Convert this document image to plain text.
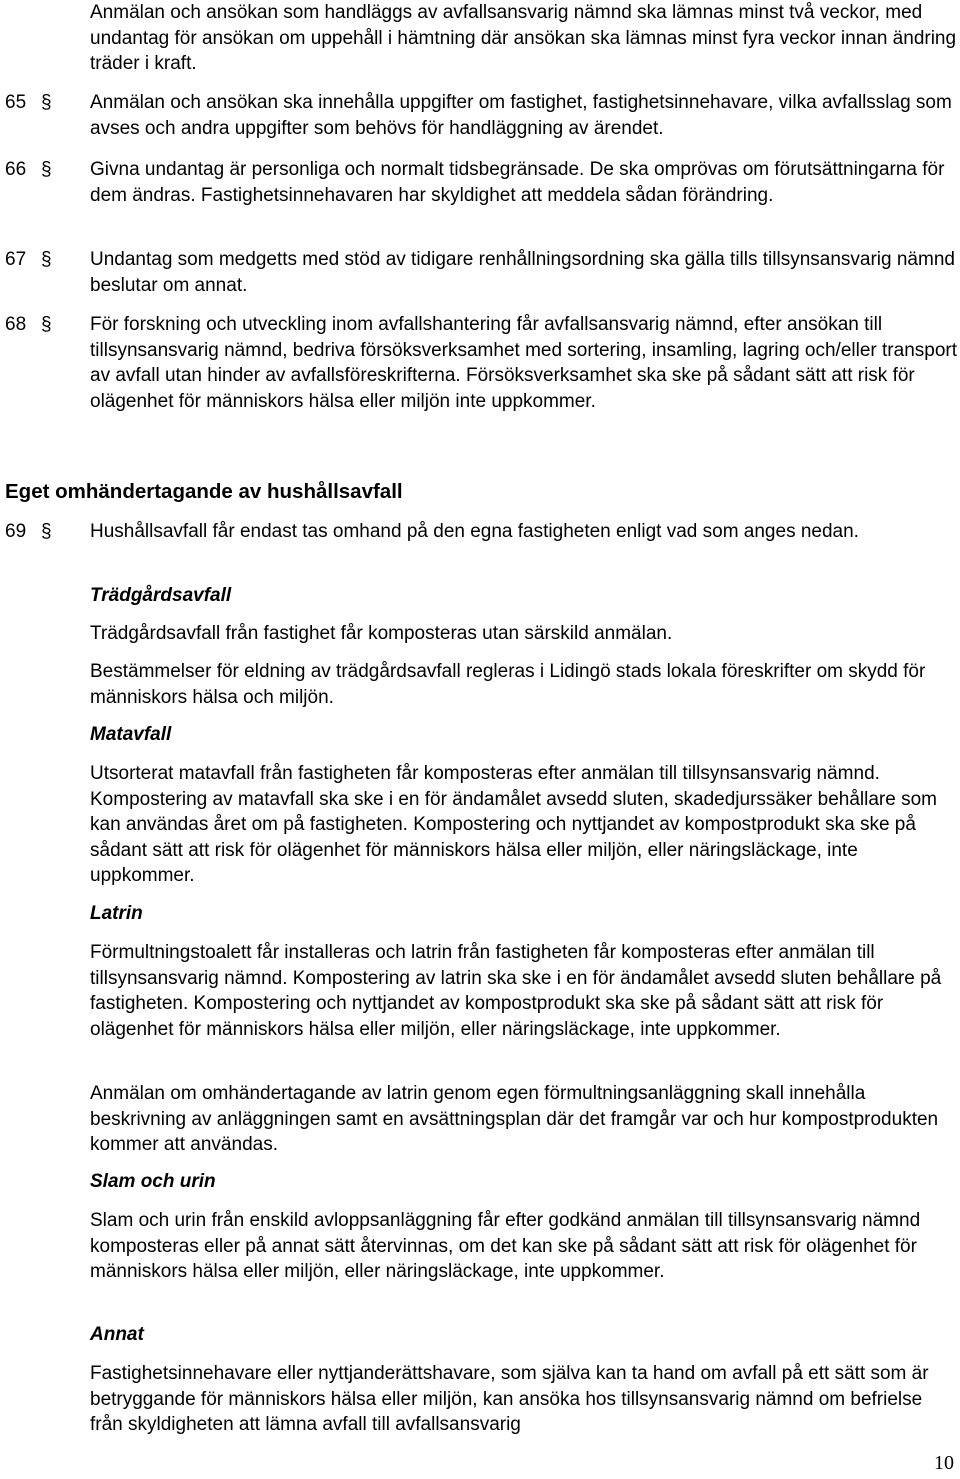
Anmälan och ansökan som handläggs av avfallsansvarig nämnd ska lämnas minst två veckor, med undantag för ansökan om uppehåll i hämtning där ansökan ska lämnas minst fyra veckor innan ändring träder i kraft.

65 §	Anmälan och ansökan ska innehålla uppgifter om fastighet, fastighetsinnehavare, vilka avfallsslag som avses och andra uppgifter som behövs för handläggning av ärendet.

66 §	Givna undantag är personliga och normalt tidsbegränsade. De ska omprövas om förutsättningarna för dem ändras. Fastighetsinnehavaren har skyldighet att meddela sådan förändring.

67 §	Undantag som medgetts med stöd av tidigare renhållningsordning ska gälla tills tillsynsansvarig nämnd beslutar om annat.

68 §	För forskning och utveckling inom avfallshantering får avfallsansvarig nämnd, efter ansökan till tillsynsansvarig nämnd, bedriva försöksverksamhet med sortering, insamling, lagring och/eller transport av avfall utan hinder av avfallsföreskrifterna. Försöksverksamhet ska ske på sådant sätt att risk för olägenhet för människors hälsa eller miljön inte uppkommer.

Eget omhändertagande av hushållsavfall
69 §	Hushållsavfall får endast tas omhand på den egna fastigheten enligt vad som anges nedan.

Trädgårdsavfall

Trädgårdsavfall från fastighet får komposteras utan särskild anmälan.

Bestämmelser för eldning av trädgårdsavfall regleras i Lidingö stads lokala föreskrifter om skydd för människors hälsa och miljön.

Matavfall

Utsorterat matavfall från fastigheten får komposteras efter anmälan till tillsynsansvarig nämnd. Kompostering av matavfall ska ske i en för ändamålet avsedd sluten, skadedjurssäker behållare som kan användas året om på fastigheten. Kompostering och nyttjandet av kompostprodukt ska ske på sådant sätt att risk för olägenhet för människors hälsa eller miljön, eller näringsläckage, inte uppkommer.

Latrin

Förmultningstoalett får installeras och latrin från fastigheten får komposteras efter anmälan till tillsynsansvarig nämnd. Kompostering av latrin ska ske i en för ändamålet avsedd sluten behållare på fastigheten. Kompostering och nyttjandet av kompostprodukt ska ske på sådant sätt att risk för olägenhet för människors hälsa eller miljön, eller näringsläckage, inte uppkommer.

Anmälan om omhändertagande av latrin genom egen förmultningsanläggning skall innehålla beskrivning av anläggningen samt en avsättningsplan där det framgår var och hur kompostprodukten kommer att användas.

Slam och urin

Slam och urin från enskild avloppsanläggning får efter godkänd anmälan till tillsynsansvarig nämnd komposteras eller på annat sätt återvinnas, om det kan ske på sådant sätt att risk för olägenhet för människors hälsa eller miljön, eller näringsläckage, inte uppkommer.

Annat

Fastighetsinnehavare eller nyttjanderättshavare, som själva kan ta hand om avfall på ett sätt som är betryggande för människors hälsa eller miljön, kan ansöka hos tillsynsansvarig nämnd om befrielse från skyldigheten att lämna avfall till avfallsansvarig

10
